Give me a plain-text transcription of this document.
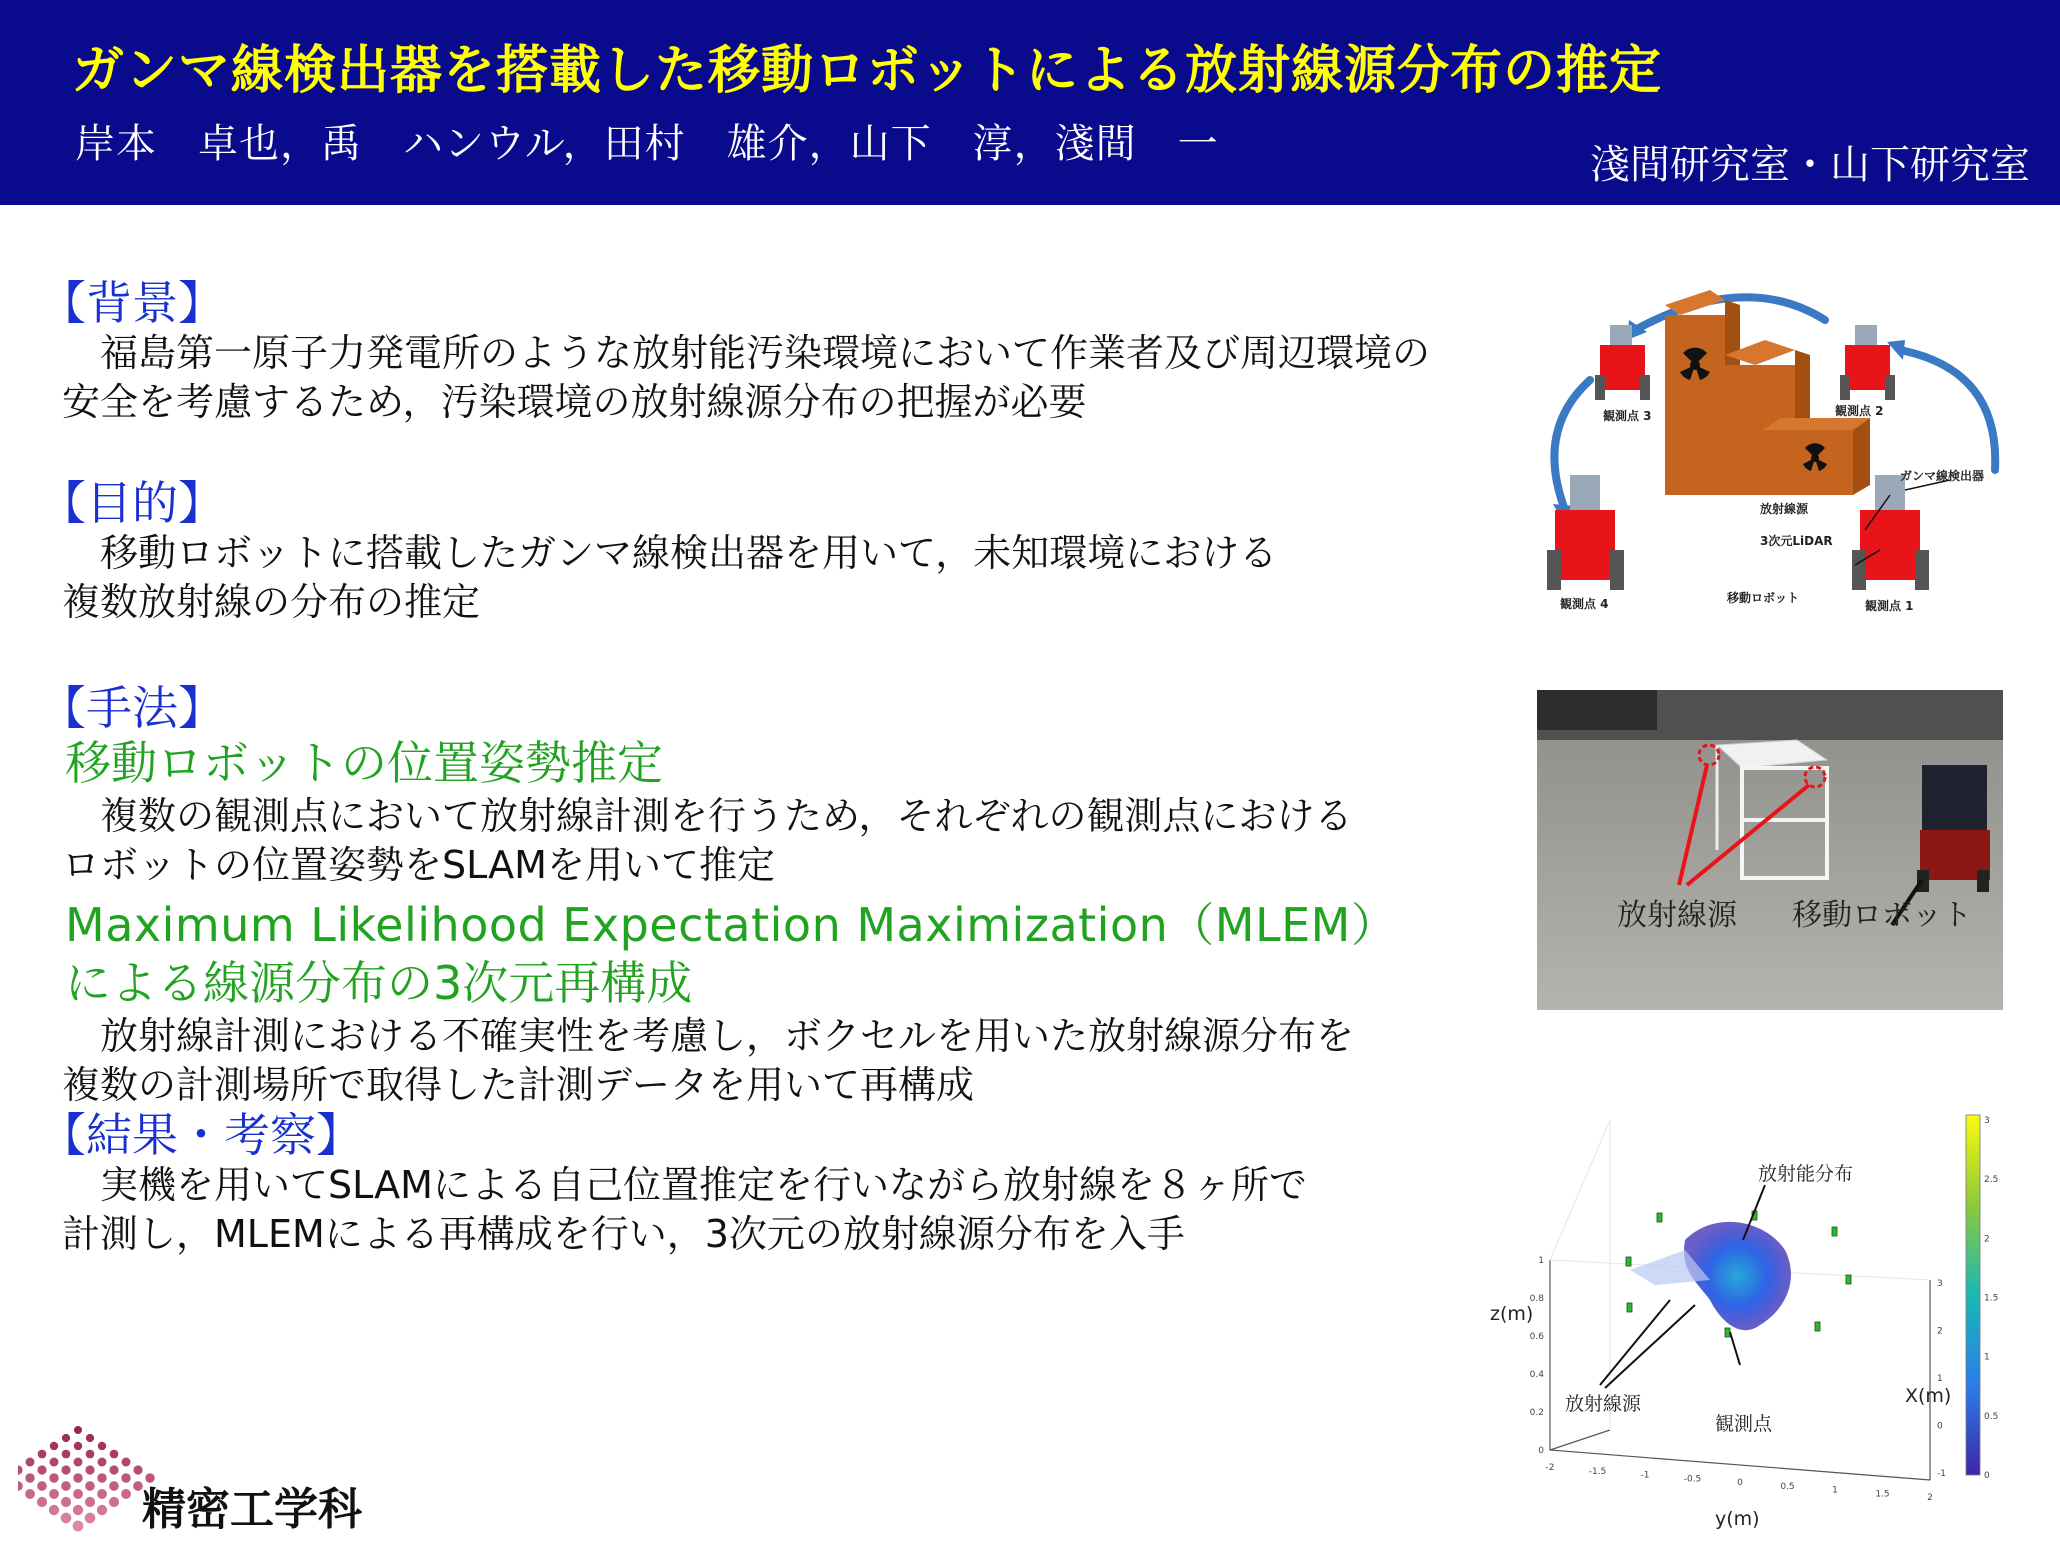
ガンマ線検出器を搭載した移動ロボットによる放射線源分布の推定
岸本　卓也，禹　ハンウル，田村　雄介，山下　淳，淺間　一	淺間研究室・山下研究室
【背景】
福島第一原子力発電所のような放射能汚染環境において作業者及び周辺環境の
安全を考慮するため，汚染環境の放射線源分布の把握が必要
【目的】
移動ロボットに搭載したガンマ線検出器を用いて，未知環境における
複数放射線の分布の推定
【手法】
移動ロボットの位置姿勢推定
複数の観測点において放射線計測を行うため，それぞれの観測点における
ロボットの位置姿勢をSLAMを用いて推定
Maximum Likelihood Expectation Maximization（MLEM）
による線源分布の3次元再構成
放射線計測における不確実性を考慮し，ボクセルを用いた放射線源分布を
複数の計測場所で取得した計測データを用いて再構成
【結果・考察】
実機を用いてSLAMによる自己位置推定を行いながら放射線を８ヶ所で
計測し，MLEMによる再構成を行い，3次元の放射線源分布を入手
観測点 3	観測点 2
観測点 4	観測点 1
ガンマ線検出器
放射線源
3次元LiDAR
移動ロボット
放射線源 移動ロボット
放射能分布
放射線源
観測点
z(m)
X(m)
y(m)
1
0.8
0.6
0.4
0.2
0
-2	-1.5	-1	-0.5	0	0.5	1	1.5	2
3
2
1
0
-1
3
2.5
2
1.5
1
0.5
0
精密工学科
